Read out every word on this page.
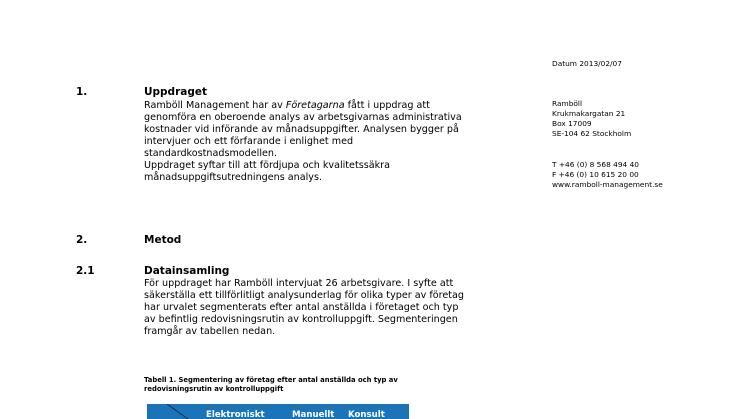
Datum 2013/02/07
Ramböll
Krukmakargatan 21
Box 17009
SE-104 62 Stockholm
T +46 (0) 8 568 494 40
F +46 (0) 10 615 20 00
www.ramboll-management.se
1.	Uppdraget
Ramböll Management har av Företagarna fått i uppdrag att
genomföra en oberoende analys av arbetsgivarnas administrativa
kostnader vid införande av månadsuppgifter. Analysen bygger på
intervjuer och ett förfarande i enlighet med
standardkostnadsmodellen.
Uppdraget syftar till att fördjupa och kvalitetssäkra
månadsuppgiftsutredningens analys.
2.	Metod
2.1	Datainsamling
För uppdraget har Ramböll intervjuat 26 arbetsgivare. I syfte att
säkerställa ett tillförlitligt analysunderlag för olika typer av företag
har urvalet segmenterats efter antal anställda i företaget och typ
av befintlig redovisningsrutin av kontrolluppgift. Segmenteringen
framgår av tabellen nedan.
Tabell 1. Segmentering av företag efter antal anställda och typ av
redovisningsrutin av kontrolluppgift
Elektroniskt	Manuellt Konsult
